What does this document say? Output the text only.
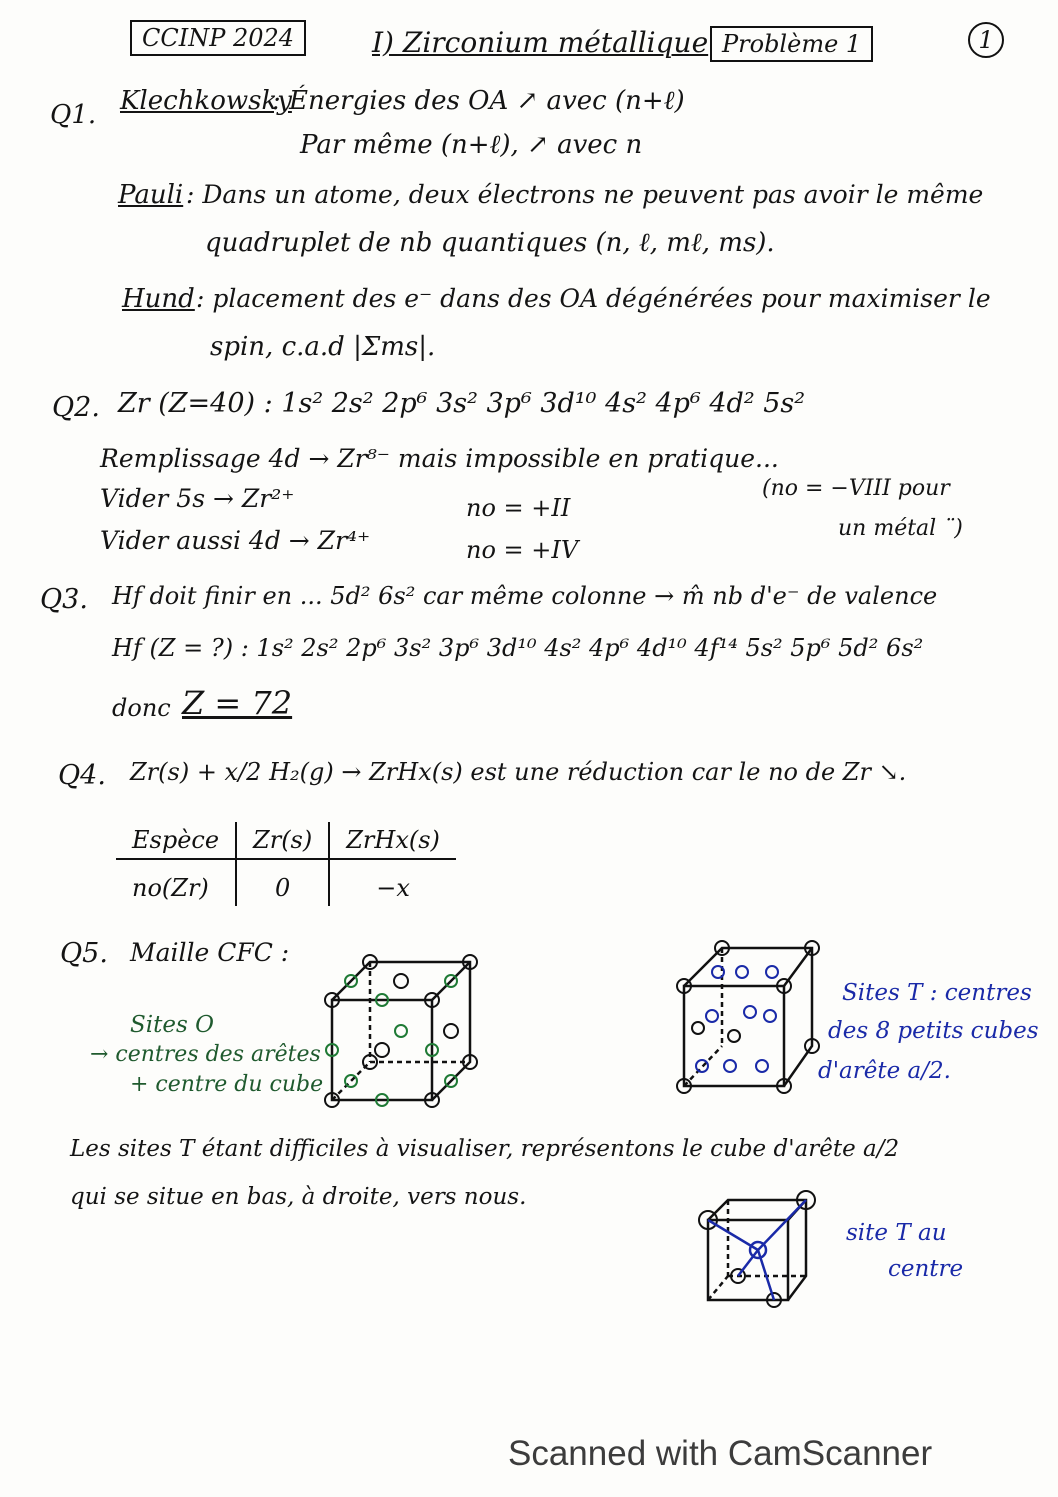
CCINP 2024	I) Zirconium métallique Problème 1	1
Q1. Klechkowsky
: Énergies des OA ↗ avec (n+ℓ)
Par même (n+ℓ), ↗ avec n
Pauli : Dans un atome, deux électrons ne peuvent pas avoir le même
quadruplet de nb quantiques (n, ℓ, mℓ, ms).
Hund : placement des e⁻ dans des OA dégénérées pour maximiser le
spin, c.a.d |Σms|.
Q2. Zr (Z=40) : 1s² 2s² 2p⁶ 3s² 3p⁶ 3d¹⁰ 4s² 4p⁶ 4d² 5s²
Remplissage 4d → Zr⁸⁻ mais impossible en pratique...
Vider 5s → Zr²⁺
Vider aussi 4d → Zr⁴⁺
no = +II
no = +IV
(no = −VIII pour
un métal ¨)
Q3. Hf doit finir en ... 5d² 6s² car même colonne → m̂ nb d'e⁻ de valence
Hf (Z = ?) : 1s² 2s² 2p⁶ 3s² 3p⁶ 3d¹⁰ 4s² 4p⁶ 4d¹⁰ 4f¹⁴ 5s² 5p⁶ 5d² 6s²
donc Z = 72
Q4. Zr(s) + x/2 H₂(g) → ZrHx(s) est une réduction car le no de Zr ↘.
Espèce	Zr(s)	ZrHx(s)
no(Zr)	0	−x
Q5. Maille CFC :
Sites O
→ centres des arêtes
+ centre du cube
Sites T : centres
des 8 petits cubes
d'arête a/2.
Les sites T étant difficiles à visualiser, représentons le cube d'arête a/2
qui se situe en bas, à droite, vers nous.
site T au
centre
Scanned with CamScanner
